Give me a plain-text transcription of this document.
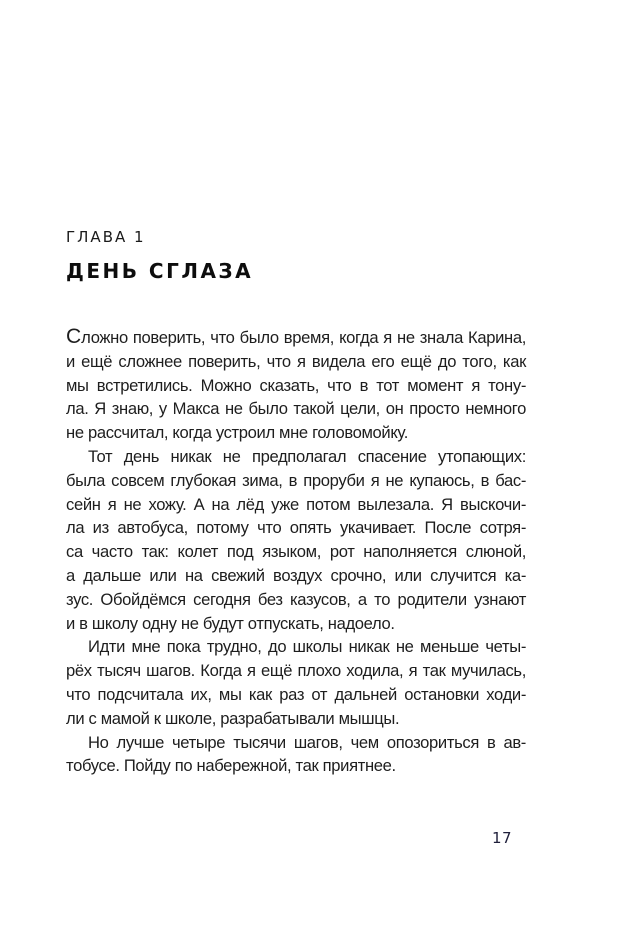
ГЛАВА 1
ДЕНЬ СГЛАЗА
Сложно поверить, что было время, когда я не знала Карина,
и ещё сложнее поверить, что я видела его ещё до того, как
мы встретились. Можно сказать, что в тот момент я тону-
ла. Я знаю, у Макса не было такой цели, он просто немного
не рассчитал, когда устроил мне головомойку.
Тот день никак не предполагал спасение утопающих:
была совсем глубокая зима, в проруби я не купаюсь, в бас-
сейн я не хожу. А на лёд уже потом вылезала. Я выскочи-
ла из автобуса, потому что опять укачивает. После сотря-
са часто так: колет под языком, рот наполняется слюной,
а дальше или на свежий воздух срочно, или случится ка-
зус. Обойдёмся сегодня без казусов, а то родители узнают
и в школу одну не будут отпускать, надоело.
Идти мне пока трудно, до школы никак не меньше четы-
рёх тысяч шагов. Когда я ещё плохо ходила, я так мучилась,
что подсчитала их, мы как раз от дальней остановки ходи-
ли с мамой к школе, разрабатывали мышцы.
Но лучше четыре тысячи шагов, чем опозориться в ав-
тобусе. Пойду по набережной, так приятнее.
17
